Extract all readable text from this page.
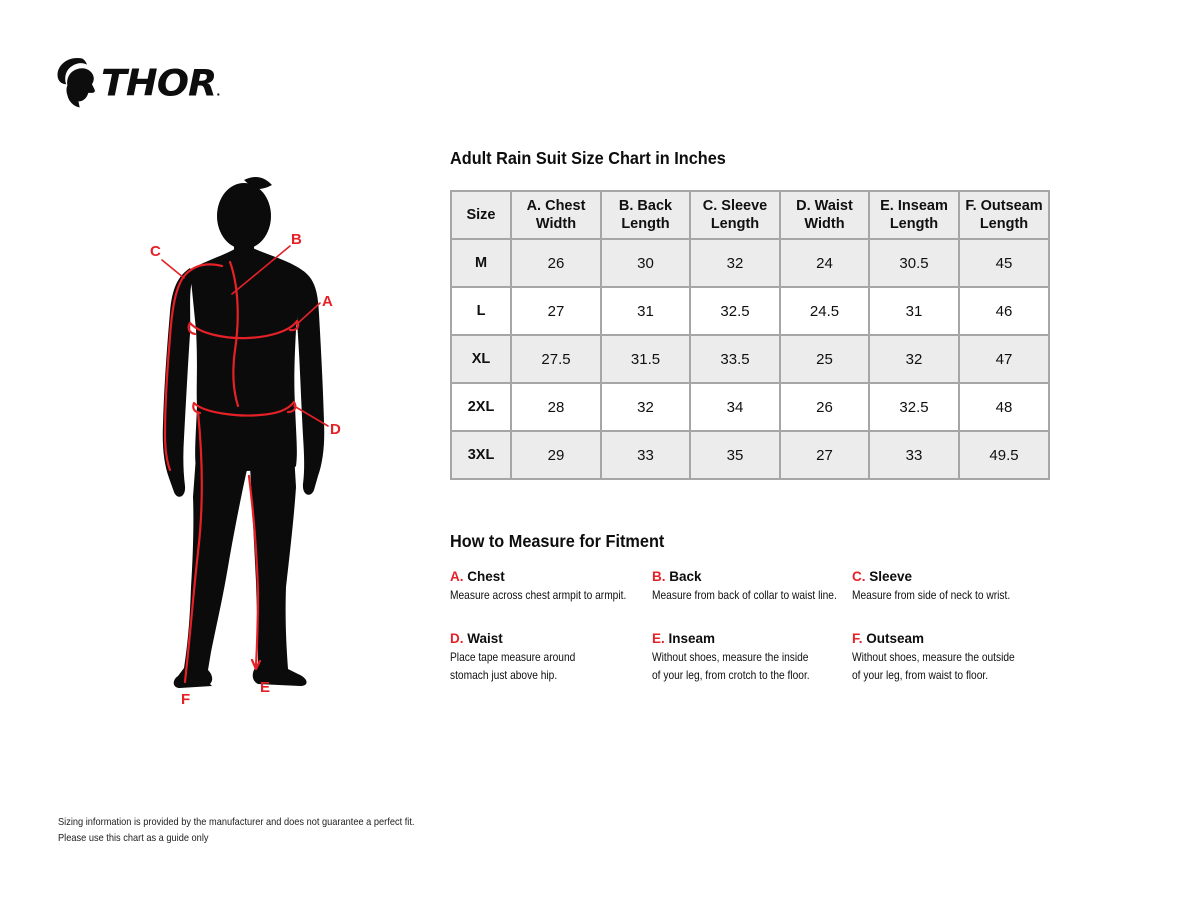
THOR.
A
B
C
D
E
F
Adult Rain Suit Size Chart in Inches
Size	A. Chest Width	B. Back Length	C. Sleeve Length	D. Waist Width	E. Inseam Length	F. Outseam Length
M	26	30	32	24	30.5	45
L	27	31	32.5	24.5	31	46
XL	27.5	31.5	33.5	25	32	47
2XL	28	32	34	26	32.5	48
3XL	29	33	35	27	33	49.5
How to Measure for Fitment
A. Chest
Measure across chest armpit to armpit.
B. Back
Measure from back of collar to waist line.
C. Sleeve
Measure from side of neck to wrist.
D. Waist
Place tape measure around
stomach just above hip.
E. Inseam
Without shoes, measure the inside
of your leg, from crotch to the floor.
F. Outseam
Without shoes, measure the outside
of your leg, from waist to floor.
Sizing information is provided by the manufacturer and does not guarantee a perfect fit.
Please use this chart as a guide only
